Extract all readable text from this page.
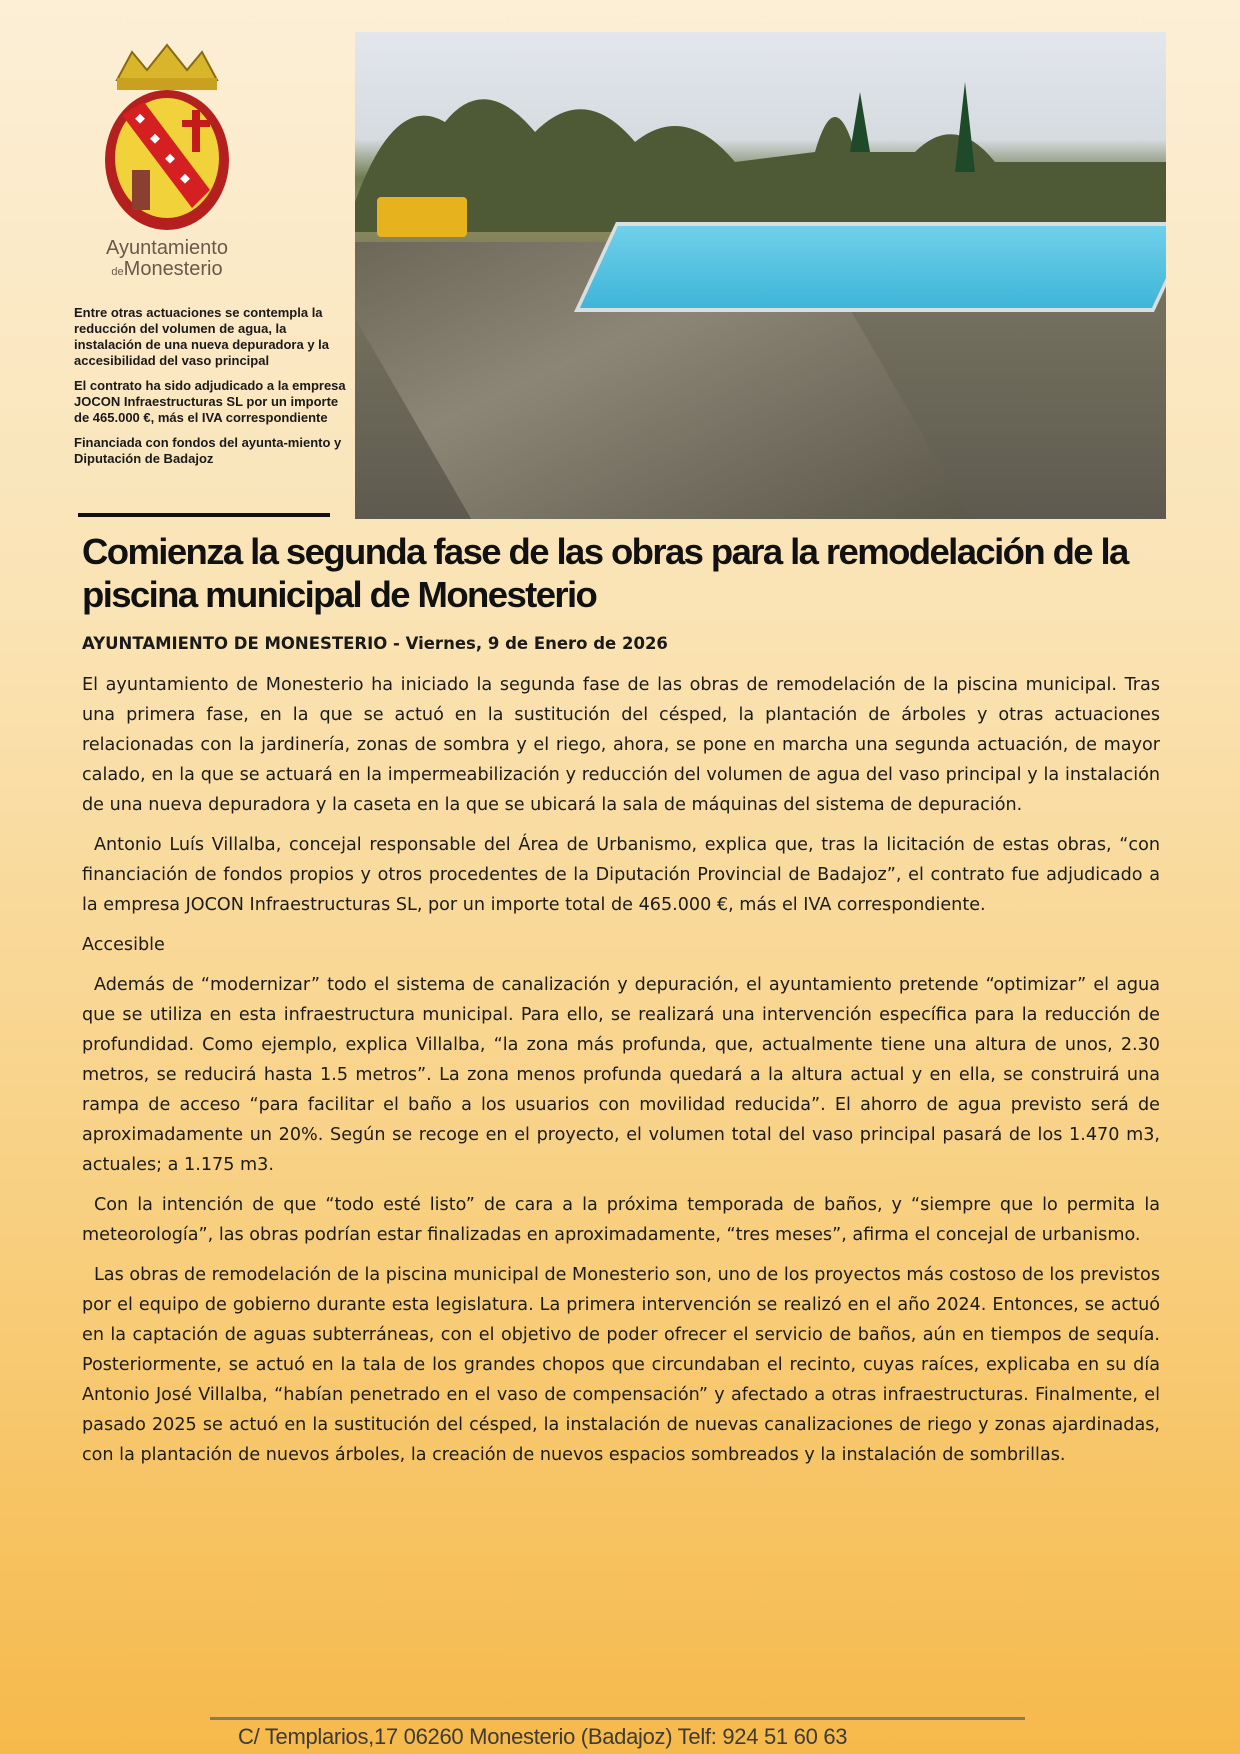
Ayuntamiento
deMonesterio

Entre otras actuaciones se contempla la reducción del volumen de agua, la instalación de una nueva depuradora y la accesibilidad del vaso principal

El contrato ha sido adjudicado a la empresa JOCON Infraestructuras SL por un importe de 465.000 €, más el IVA correspondiente

Financiada con fondos del ayunta-miento y Diputación de Badajoz

Comienza la segunda fase de las obras para la remodelación de la piscina municipal de Monesterio
AYUNTAMIENTO DE MONESTERIO - Viernes, 9 de Enero de 2026

El ayuntamiento de Monesterio ha iniciado la segunda fase de las obras de remodelación de la piscina municipal. Tras una primera fase, en la que se actuó en la sustitución del césped, la plantación de árboles y otras actuaciones relacionadas con la jardinería, zonas de sombra y el riego, ahora, se pone en marcha una segunda actuación, de mayor calado, en la que se actuará en la impermeabilización y reducción del volumen de agua del vaso principal y la instalación de una nueva depuradora y la caseta en la que se ubicará la sala de máquinas del sistema de depuración.

Antonio Luís Villalba, concejal responsable del Área de Urbanismo, explica que, tras la licitación de estas obras, “con financiación de fondos propios y otros procedentes de la Diputación Provincial de Badajoz”, el contrato fue adjudicado a la empresa JOCON Infraestructuras SL, por un importe total de 465.000 €, más el IVA correspondiente.

Accesible

Además de “modernizar” todo el sistema de canalización y depuración, el ayuntamiento pretende “optimizar” el agua que se utiliza en esta infraestructura municipal. Para ello, se realizará una intervención específica para la reducción de profundidad. Como ejemplo, explica Villalba, “la zona más profunda, que, actualmente tiene una altura de unos, 2.30 metros, se reducirá hasta 1.5 metros”. La zona menos profunda quedará a la altura actual y en ella, se construirá una rampa de acceso “para facilitar el baño a los usuarios con movilidad reducida”. El ahorro de agua previsto será de aproximadamente un 20%. Según se recoge en el proyecto, el volumen total del vaso principal pasará de los 1.470 m3, actuales; a 1.175 m3.

Con la intención de que “todo esté listo” de cara a la próxima temporada de baños, y “siempre que lo permita la meteorología”, las obras podrían estar finalizadas en aproximadamente, “tres meses”, afirma el concejal de urbanismo.

Las obras de remodelación de la piscina municipal de Monesterio son, uno de los proyectos más costoso de los previstos por el equipo de gobierno durante esta legislatura. La primera intervención se realizó en el año 2024. Entonces, se actuó en la captación de aguas subterráneas, con el objetivo de poder ofrecer el servicio de baños, aún en tiempos de sequía. Posteriormente, se actuó en la tala de los grandes chopos que circundaban el recinto, cuyas raíces, explicaba en su día Antonio José Villalba, “habían penetrado en el vaso de compensación” y afectado a otras infraestructuras. Finalmente, el pasado 2025 se actuó en la sustitución del césped, la instalación de nuevas canalizaciones de riego y zonas ajardinadas, con la plantación de nuevos árboles, la creación de nuevos espacios sombreados y la instalación de sombrillas.

C/ Templarios,17 06260 Monesterio (Badajoz) Telf: 924 51 60 63
